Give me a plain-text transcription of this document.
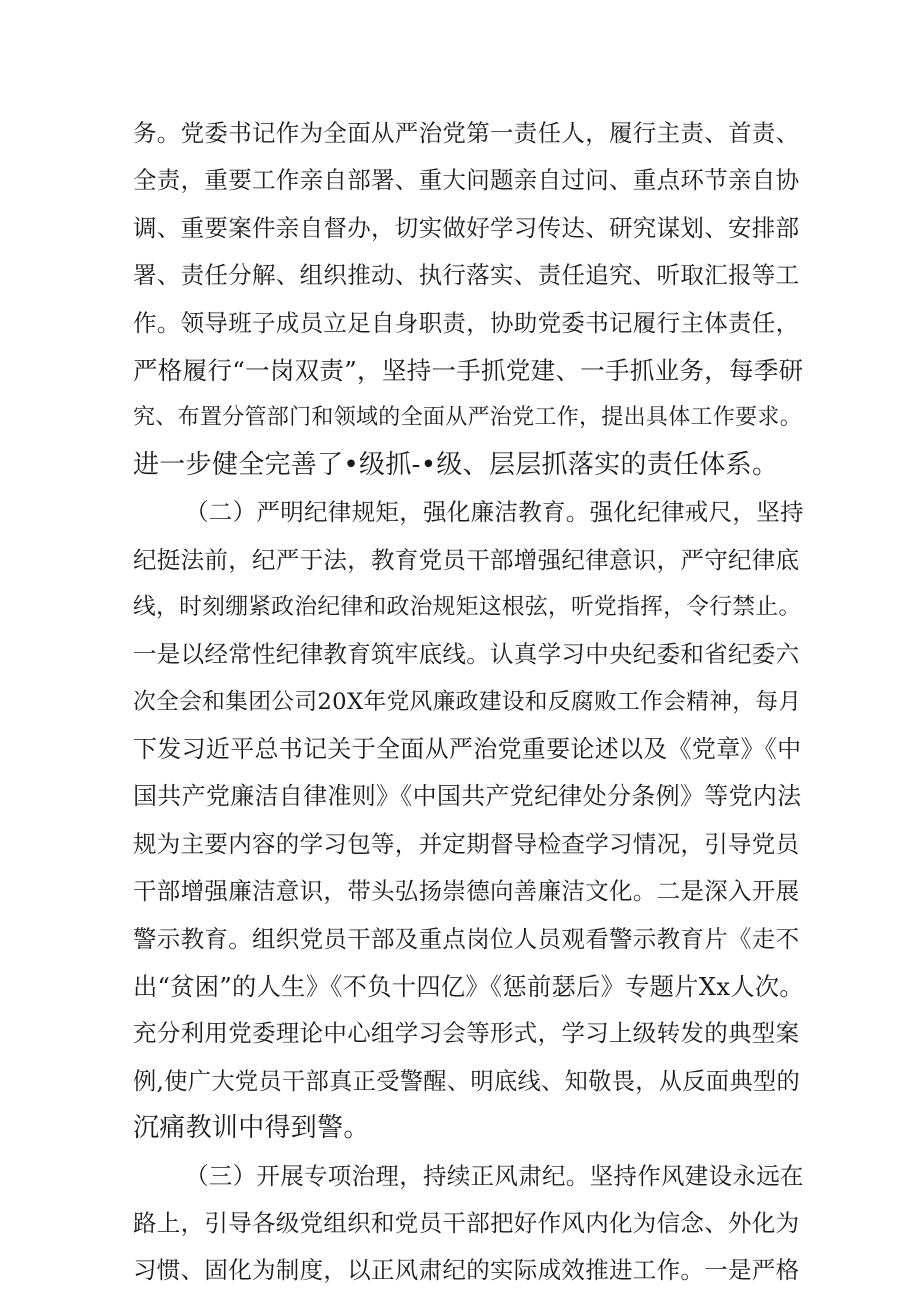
务。党委书记作为全面从严治党第一责任人，履行主责、首责、
全责，重要工作亲自部署、重大问题亲自过问、重点环节亲自协
调、重要案件亲自督办，切实做好学习传达、研究谋划、安排部
署、责任分解、组织推动、执行落实、责任追究、听取汇报等工
作。领导班子成员立足自身职责，协助党委书记履行主体责任，
严格履行“一岗双责”，坚持一手抓党建、一手抓业务，每季研
究、布置分管部门和领域的全面从严治党工作，提出具体工作要求。
进一步健全完善了•级抓-•级、层层抓落实的责任体系。
（二）严明纪律规矩，强化廉洁教育。强化纪律戒尺，坚持
纪挺法前，纪严于法，教育党员干部增强纪律意识，严守纪律底
线，时刻绷紧政治纪律和政治规矩这根弦，听党指挥，令行禁止。
一是以经常性纪律教育筑牢底线。认真学习中央纪委和省纪委六
次全会和集团公司20X年党风廉政建设和反腐败工作会精神，每月
下发习近平总书记关于全面从严治党重要论述以及《党章》《中
国共产党廉洁自律准则》《中国共产党纪律处分条例》等党内法
规为主要内容的学习包等，并定期督导检查学习情况，引导党员
干部增强廉洁意识，带头弘扬崇德向善廉洁文化。二是深入开展
警示教育。组织党员干部及重点岗位人员观看警示教育片《走不
出“贫困”的人生》《不负十四亿》《惩前瑟后》专题片Xx人次。
充分利用党委理论中心组学习会等形式，学习上级转发的典型案
例,使广大党员干部真正受警醒、明底线、知敬畏，从反面典型的
沉痛教训中得到警。
（三）开展专项治理，持续正风肃纪。坚持作风建设永远在
路上，引导各级党组织和党员干部把好作风内化为信念、外化为
习惯、固化为制度，以正风肃纪的实际成效推进工作。一是严格
